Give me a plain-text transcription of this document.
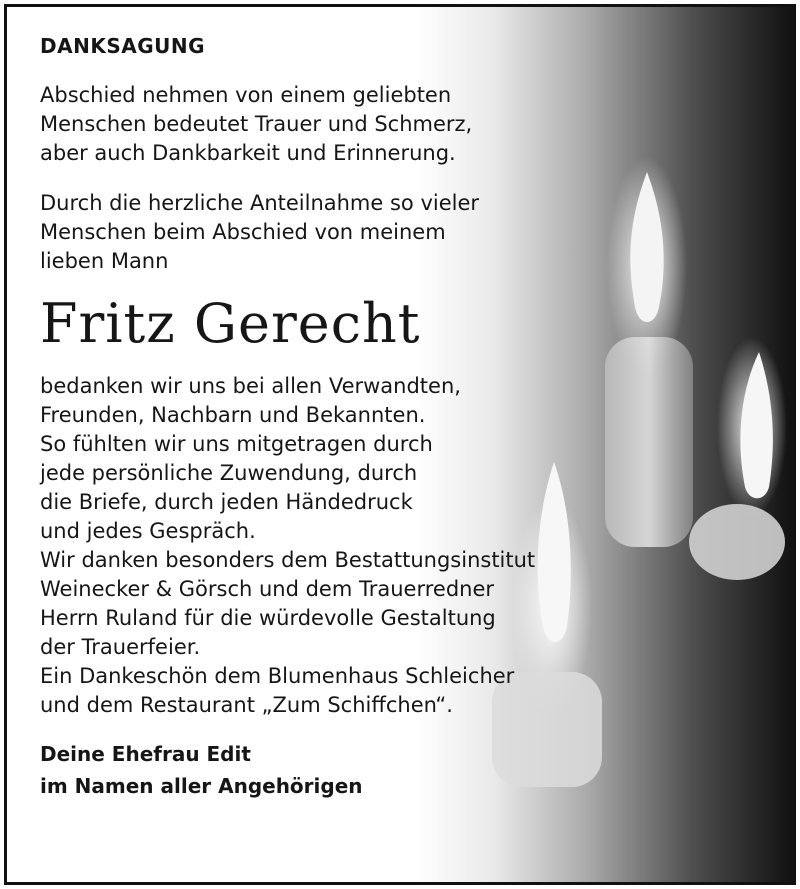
DANKSAGUNG

Abschied nehmen von einem geliebten
Menschen bedeutet Trauer und Schmerz,
aber auch Dankbarkeit und Erinnerung.

Durch die herzliche Anteilnahme so vieler
Menschen beim Abschied von meinem
lieben Mann

Fritz Gerecht

bedanken wir uns bei allen Verwandten,
Freunden, Nachbarn und Bekannten.
So fühlten wir uns mitgetragen durch
jede persönliche Zuwendung, durch
die Briefe, durch jeden Händedruck
und jedes Gespräch.
Wir danken besonders dem Bestattungsinstitut
Weinecker & Görsch und dem Trauerredner
Herrn Ruland für die würdevolle Gestaltung
der Trauerfeier.
Ein Dankeschön dem Blumenhaus Schleicher
und dem Restaurant „Zum Schiffchen“.

Deine Ehefrau Edit
im Namen aller Angehörigen
